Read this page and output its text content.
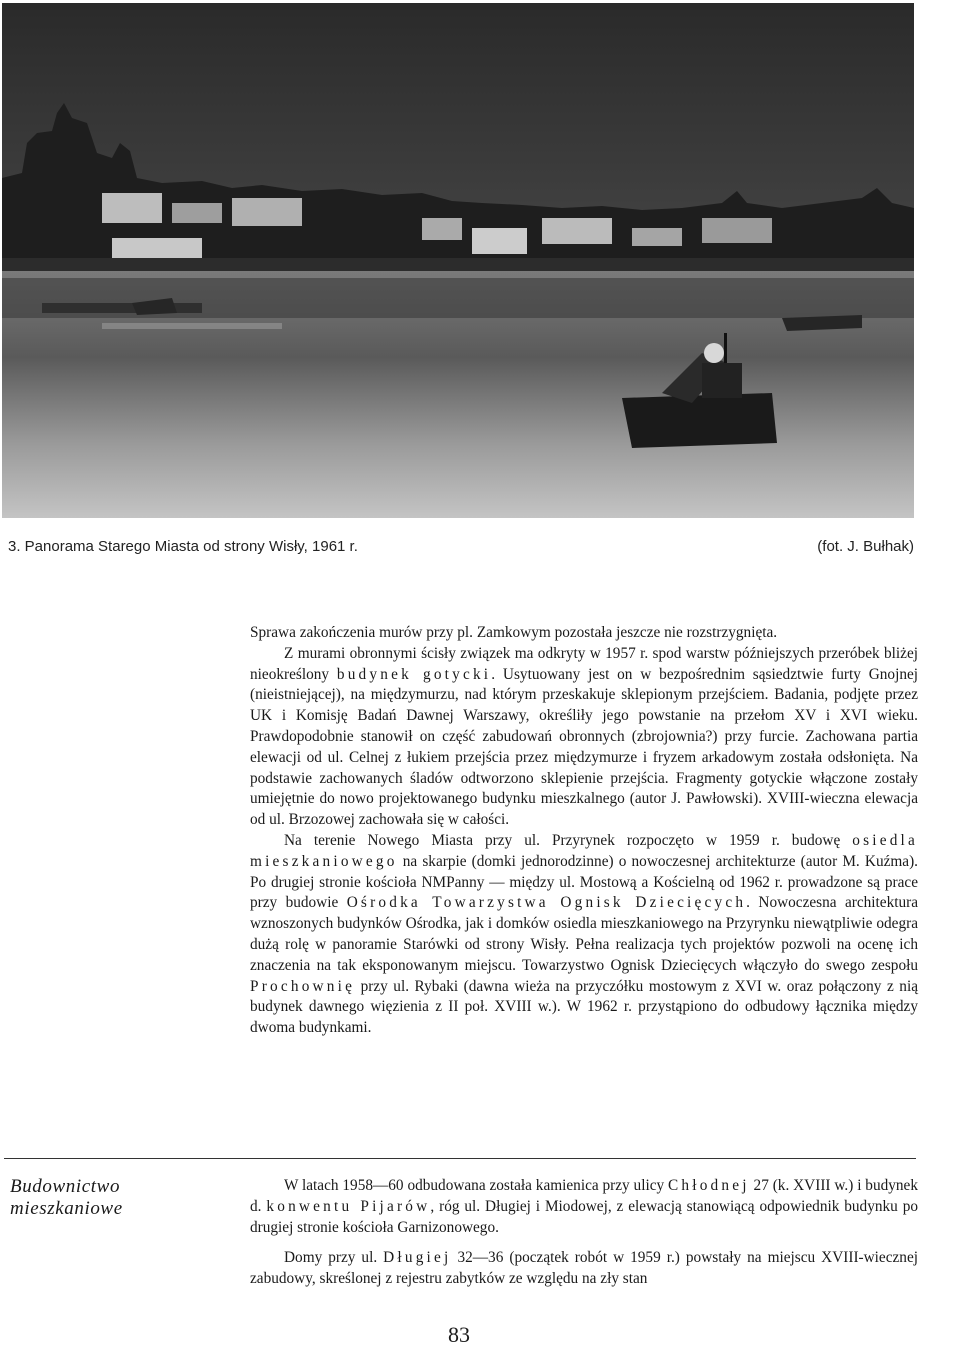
3. Panorama Starego Miasta od strony Wisły, 1961 r.	(fot. J. Bułhak)

Sprawa zakończenia murów przy pl. Zamkowym pozostała jeszcze nie rozstrzygnięta.

Z murami obronnymi ścisły związek ma odkryty w 1957 r. spod warstw późniejszych przeróbek bliżej nieokreślony budynek gotycki. Usytuowany jest on w bezpośrednim sąsiedztwie furty Gnojnej (nieistniejącej), na międzymurzu, nad którym przeskakuje sklepionym przejściem. Badania, podjęte przez UK i Komisję Badań Dawnej Warszawy, określiły jego powstanie na przełom XV i XVI wieku. Prawdopodobnie stanowił on część zabudowań obronnych (zbrojownia?) przy furcie. Zachowana partia elewacji od ul. Celnej z łukiem przejścia przez międzymurze i fryzem arkadowym została odsłonięta. Na podstawie zachowanych śladów odtworzono sklepienie przejścia. Fragmenty gotyckie włączone zostały umiejętnie do nowo projektowanego budynku mieszkalnego (autor J. Pawłowski). XVIII-wieczna elewacja od ul. Brzozowej zachowała się w całości.

Na terenie Nowego Miasta przy ul. Przyrynek rozpoczęto w 1959 r. budowę osiedla mieszkaniowego na skarpie (domki jednorodzinne) o nowoczesnej architekturze (autor M. Kuźma). Po drugiej stronie kościoła NMPanny — między ul. Mostową a Kościelną od 1962 r. prowadzone są prace przy budowie Ośrodka Towarzystwa Ognisk Dziecięcych. Nowoczesna architektura wznoszonych budynków Ośrodka, jak i domków osiedla mieszkaniowego na Przyrynku niewątpliwie odegra dużą rolę w panoramie Starówki od strony Wisły. Pełna realizacja tych projektów pozwoli na ocenę ich znaczenia na tak eksponowanym miejscu. Towarzystwo Ognisk Dziecięcych włączyło do swego zespołu Prochownię przy ul. Rybaki (dawna wieża na przyczółku mostowym z XVI w. oraz połączony z nią budynek dawnego więzienia z II poł. XVIII w.). W 1962 r. przystąpiono do odbudowy łącznika między dwoma budynkami.

Budownictwo mieszkaniowe

W latach 1958—60 odbudowana została kamienica przy ulicy Chłodnej 27 (k. XVIII w.) i budynek d. konwentu Pijarów, róg ul. Długiej i Miodowej, z elewacją stanowiącą odpowiednik budynku po drugiej stronie kościoła Garnizonowego.

Domy przy ul. Długiej 32—36 (początek robót w 1959 r.) powstały na miejscu XVIII-wiecznej zabudowy, skreślonej z rejestru zabytków ze względu na zły stan

83
